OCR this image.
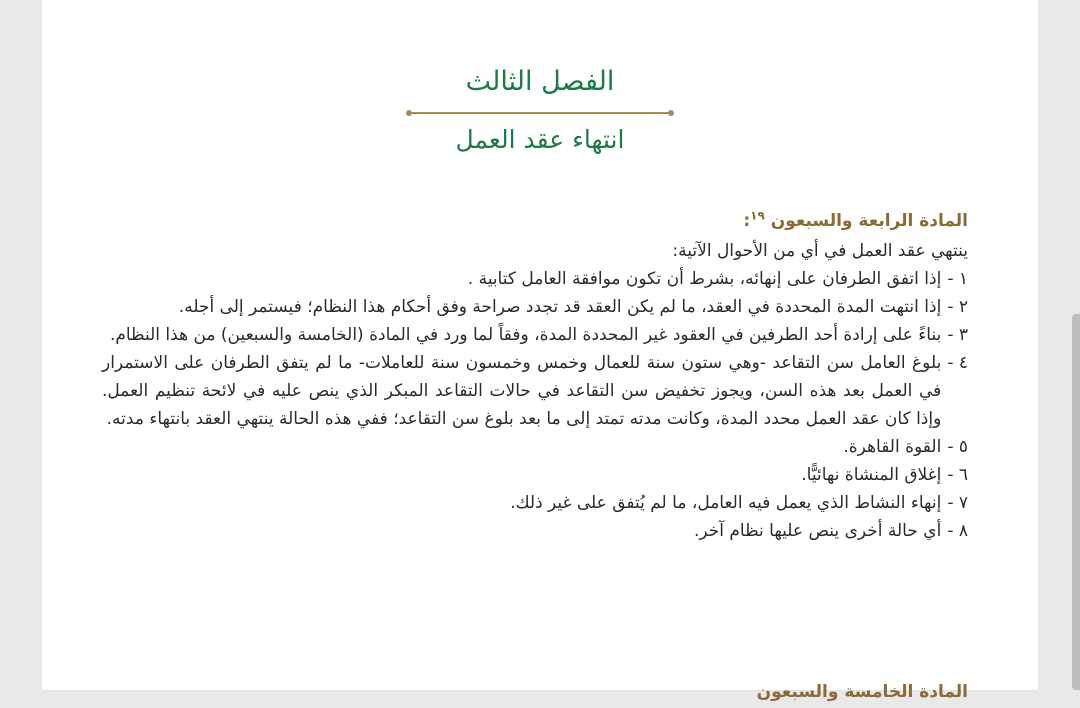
الفصل الثالث
انتهاء عقد العمل
المادة الرابعة والسبعون $^{١٩}$:
ينتهي عقد العمل في أي من الأحوال الآتية:
١ -
إذا اتفق الطرفان على إنهائه، بشرط أن تكون موافقة العامل كتابية .
٢ -
إذا انتهت المدة المحددة في العقد، ما لم يكن العقد قد تجدد صراحة وفق أحكام هذا النظام؛ فيستمر إلى أجله.
٣ -
بناءً على إرادة أحد الطرفين في العقود غير المحددة المدة، وفقاً لما ورد في المادة (الخامسة والسبعين) من هذا النظام.
٤ -
بلوغ العامل سن التقاعد -وهي ستون سنة للعمال وخمس وخمسون سنة للعاملات- ما لم يتفق الطرفان على الاستمرار في العمل بعد هذه السن، ويجوز تخفيض سن التقاعد في حالات التقاعد المبكر الذي ينص عليه في لائحة تنظيم العمل. وإذا كان عقد العمل محدد المدة، وكانت مدته تمتد إلى ما بعد بلوغ سن التقاعد؛ ففي هذه الحالة ينتهي العقد بانتهاء مدته.
٥ -
القوة القاهرة.
٦ -
إغلاق المنشاة نهائيًّا.
٧ -
إنهاء النشاط الذي يعمل فيه العامل، ما لم يُتفق على غير ذلك.
٨ -
أي حالة أخرى ينص عليها نظام آخر.
المادة الخامسة والسبعون
